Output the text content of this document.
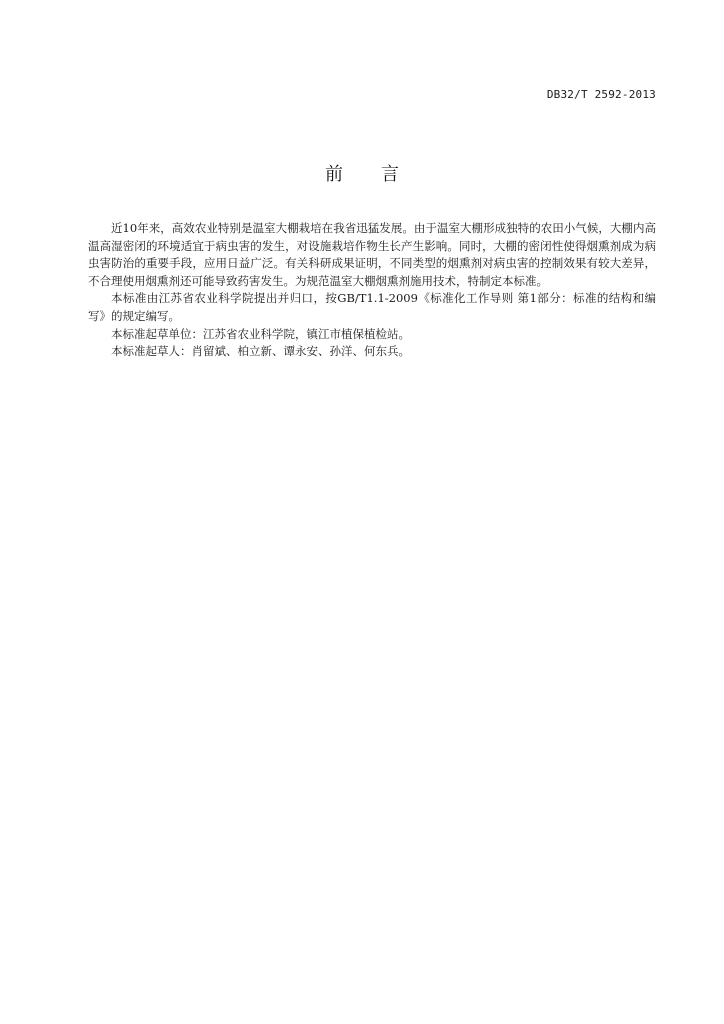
DB32/T 2592-2013
前言

近10年来，高效农业特别是温室大棚栽培在我省迅猛发展。由于温室大棚形成独特的农田小气候，大棚内高温高湿密闭的环境适宜于病虫害的发生，对设施栽培作物生长产生影响。同时，大棚的密闭性使得烟熏剂成为病虫害防治的重要手段，应用日益广泛。有关科研成果证明，不同类型的烟熏剂对病虫害的控制效果有较大差异，不合理使用烟熏剂还可能导致药害发生。为规范温室大棚烟熏剂施用技术，特制定本标准。

本标准由江苏省农业科学院提出并归口，按GB/T1.1-2009《标准化工作导则 第1部分：标准的结构和编写》的规定编写。

本标准起草单位：江苏省农业科学院，镇江市植保植检站。

本标准起草人：肖留斌、柏立新、谭永安、孙洋、何东兵。
